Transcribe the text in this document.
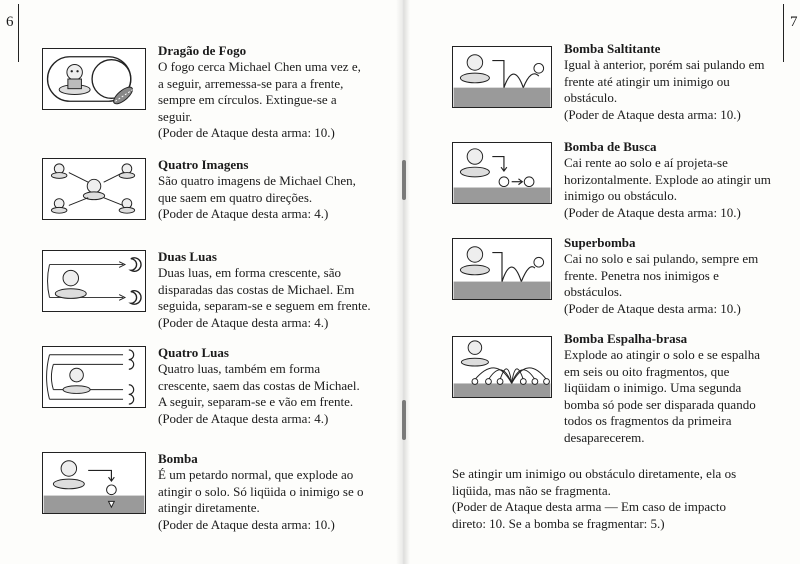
6
Dragão de Fogo

O fogo cerca Michael Chen uma vez e,

a seguir, arremessa-se para a frente,

sempre em círculos. Extingue-se a

seguir.

(Poder de Ataque desta arma: 10.)

Quatro Imagens

São quatro imagens de Michael Chen,

que saem em quatro direções.

(Poder de Ataque desta arma: 4.)

Duas Luas

Duas luas, em forma crescente, são

disparadas das costas de Michael. Em

seguida, separam-se e seguem em frente.

(Poder de Ataque desta arma: 4.)

Quatro Luas

Quatro luas, também em forma

crescente, saem das costas de Michael.

A seguir, separam-se e vão em frente.

(Poder de Ataque desta arma: 4.)

Bomba

É um petardo normal, que explode ao

atingir o solo. Só liqüida o inimigo se o

atingir diretamente.

(Poder de Ataque desta arma: 10.)

7
Bomba Saltitante

Igual à anterior, porém sai pulando em

frente até atingir um inimigo ou

obstáculo.

(Poder de Ataque desta arma: 10.)

Bomba de Busca

Cai rente ao solo e aí projeta-se

horizontalmente. Explode ao atingir um

inimigo ou obstáculo.

(Poder de Ataque desta arma: 10.)

Superbomba

Cai no solo e sai pulando, sempre em

frente. Penetra nos inimigos e

obstáculos.

(Poder de Ataque desta arma: 10.)

Bomba Espalha-brasa

Explode ao atingir o solo e se espalha

em seis ou oito fragmentos, que

liqüidam o inimigo. Uma segunda

bomba só pode ser disparada quando

todos os fragmentos da primeira

desaparecerem.

Se atingir um inimigo ou obstáculo diretamente, ela os

liqüida, mas não se fragmenta.

(Poder de Ataque desta arma — Em caso de impacto

direto: 10. Se a bomba se fragmentar: 5.)
